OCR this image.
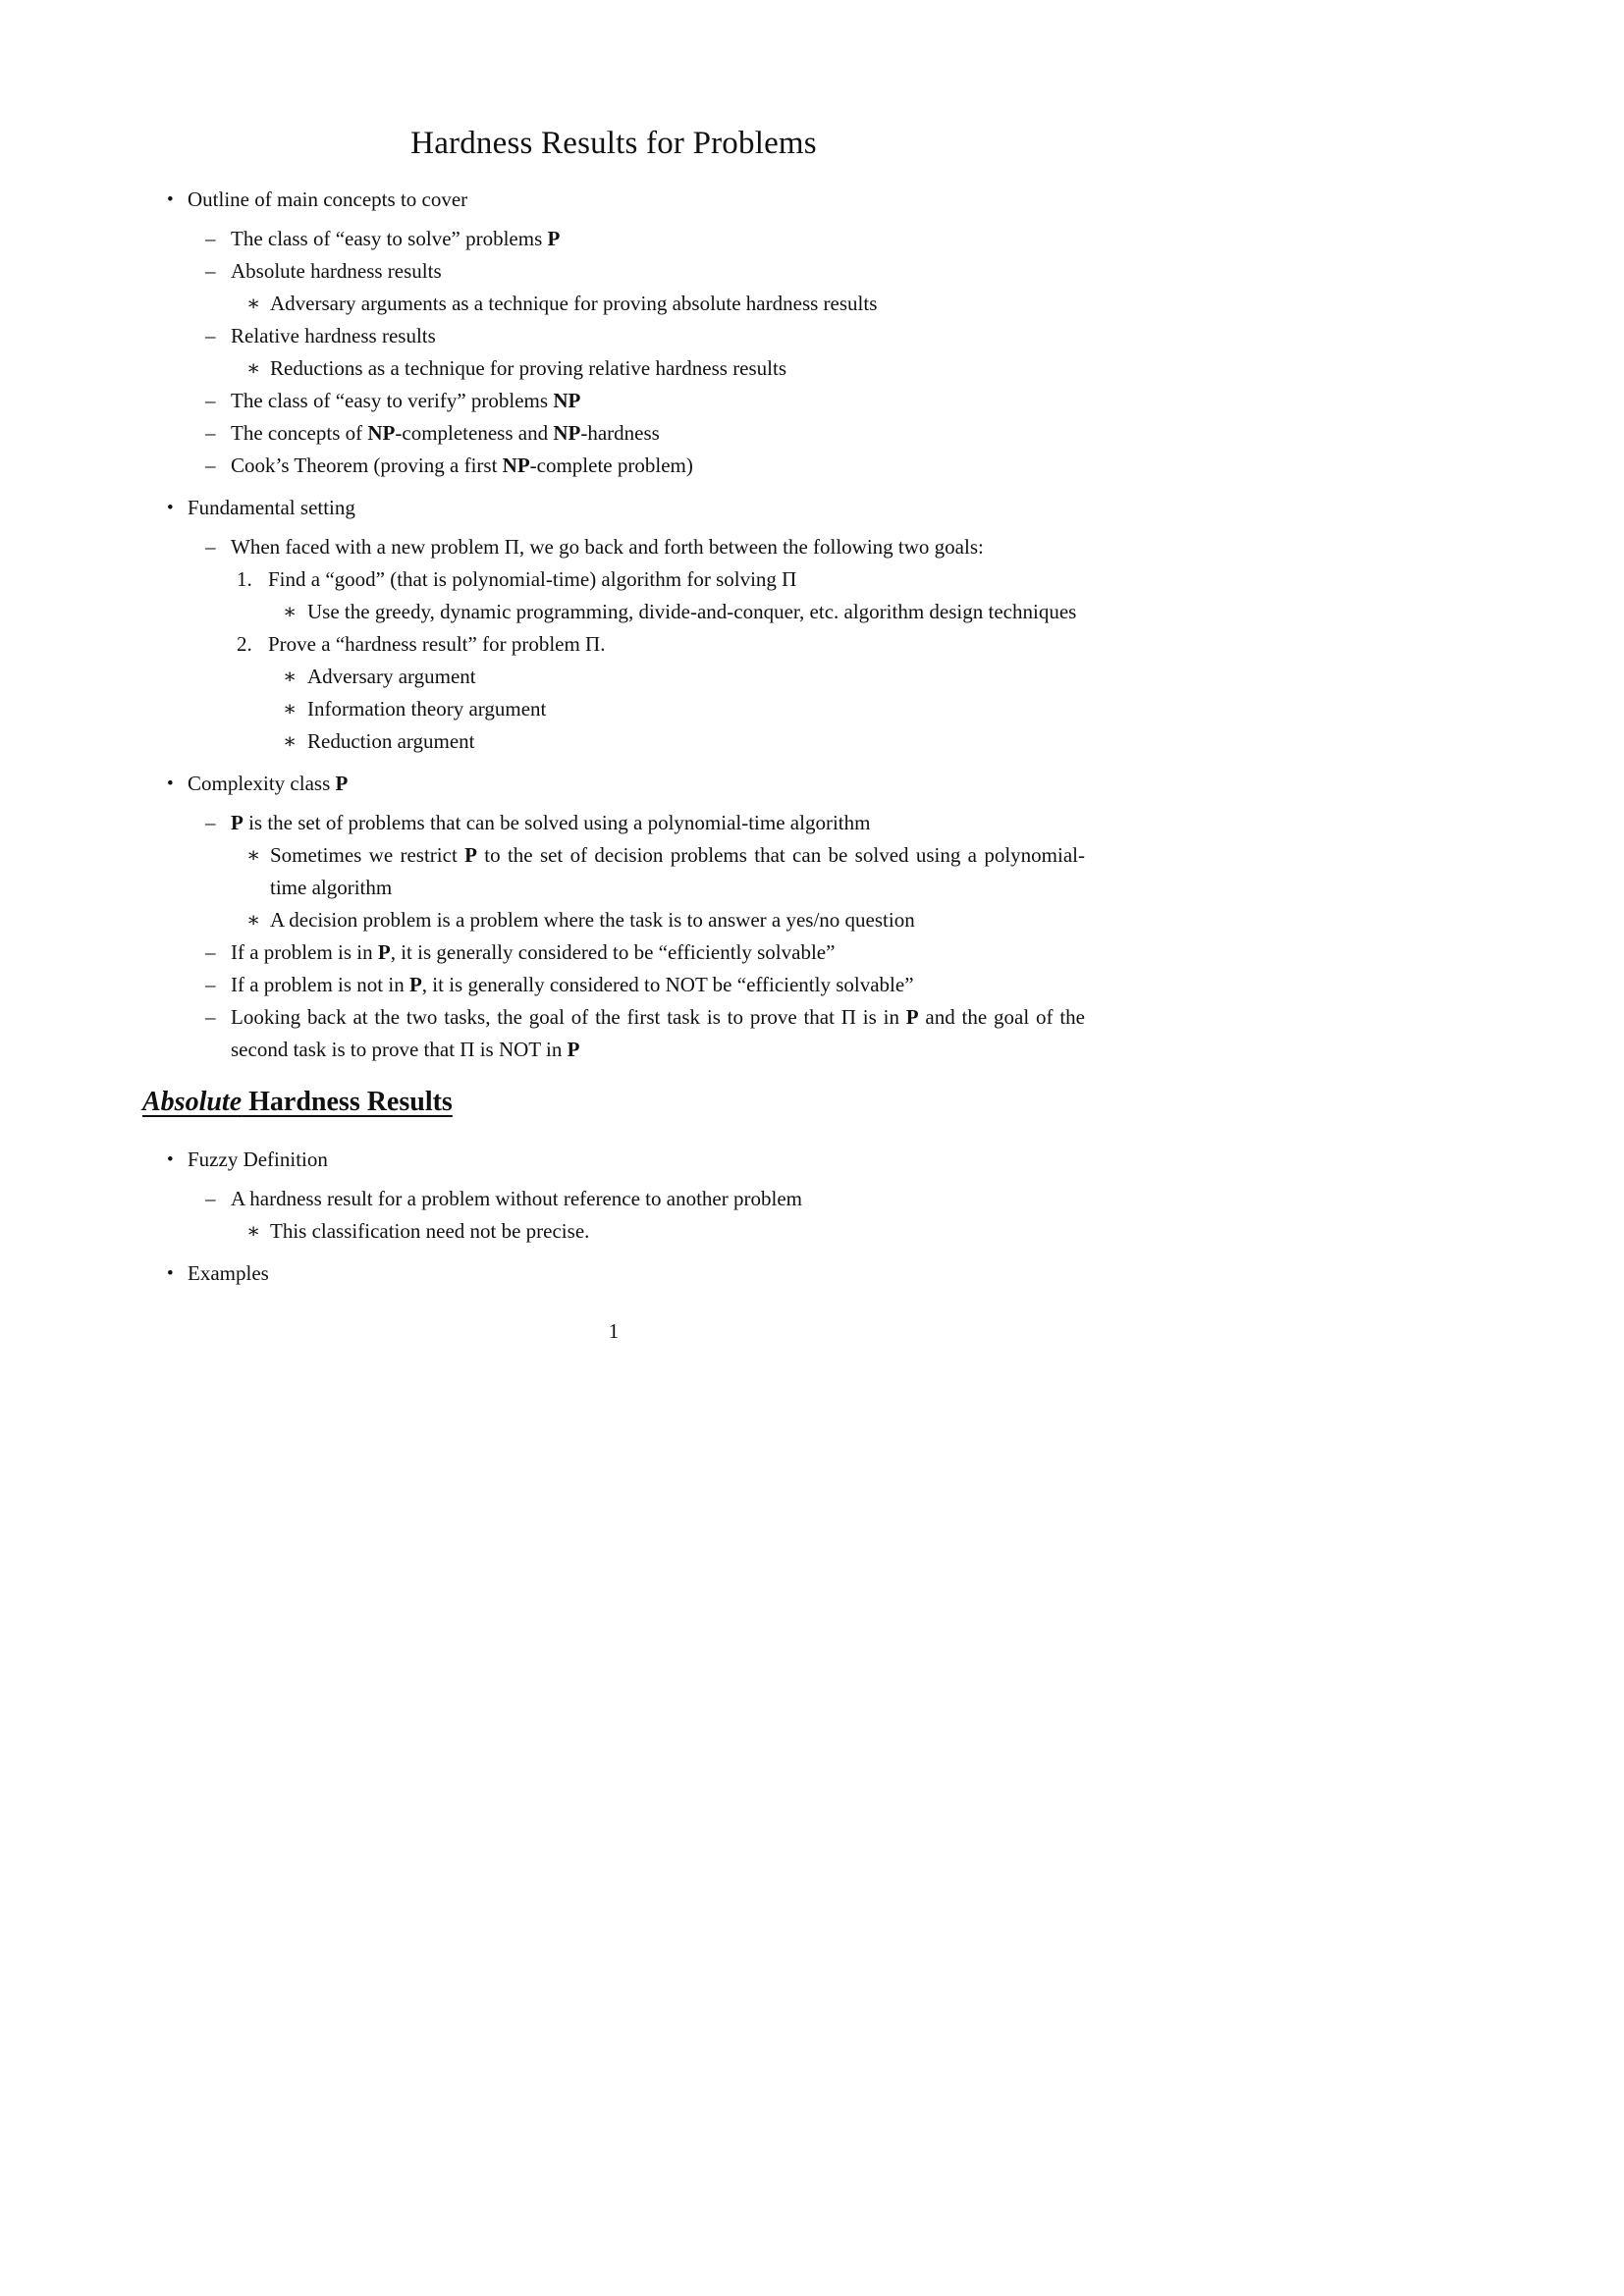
Hardness Results for Problems
• Outline of main concepts to cover
– The class of “easy to solve” problems P
– Absolute hardness results
∗ Adversary arguments as a technique for proving absolute hardness results
– Relative hardness results
∗ Reductions as a technique for proving relative hardness results
– The class of “easy to verify” problems NP
– The concepts of NP-completeness and NP-hardness
– Cook’s Theorem (proving a first NP-complete problem)
• Fundamental setting
– When faced with a new problem Π, we go back and forth between the following two goals:
1. Find a “good” (that is polynomial-time) algorithm for solving Π
∗ Use the greedy, dynamic programming, divide-and-conquer, etc. algorithm design techniques
2. Prove a “hardness result” for problem Π.
∗ Adversary argument
∗ Information theory argument
∗ Reduction argument
• Complexity class P
– P is the set of problems that can be solved using a polynomial-time algorithm
∗ Sometimes we restrict P to the set of decision problems that can be solved using a polynomial-time algorithm
∗ A decision problem is a problem where the task is to answer a yes/no question
– If a problem is in P, it is generally considered to be “efficiently solvable”
– If a problem is not in P, it is generally considered to NOT be “efficiently solvable”
– Looking back at the two tasks, the goal of the first task is to prove that Π is in P and the goal of the second task is to prove that Π is NOT in P
Absolute Hardness Results
• Fuzzy Definition
– A hardness result for a problem without reference to another problem
∗ This classification need not be precise.
• Examples
1
